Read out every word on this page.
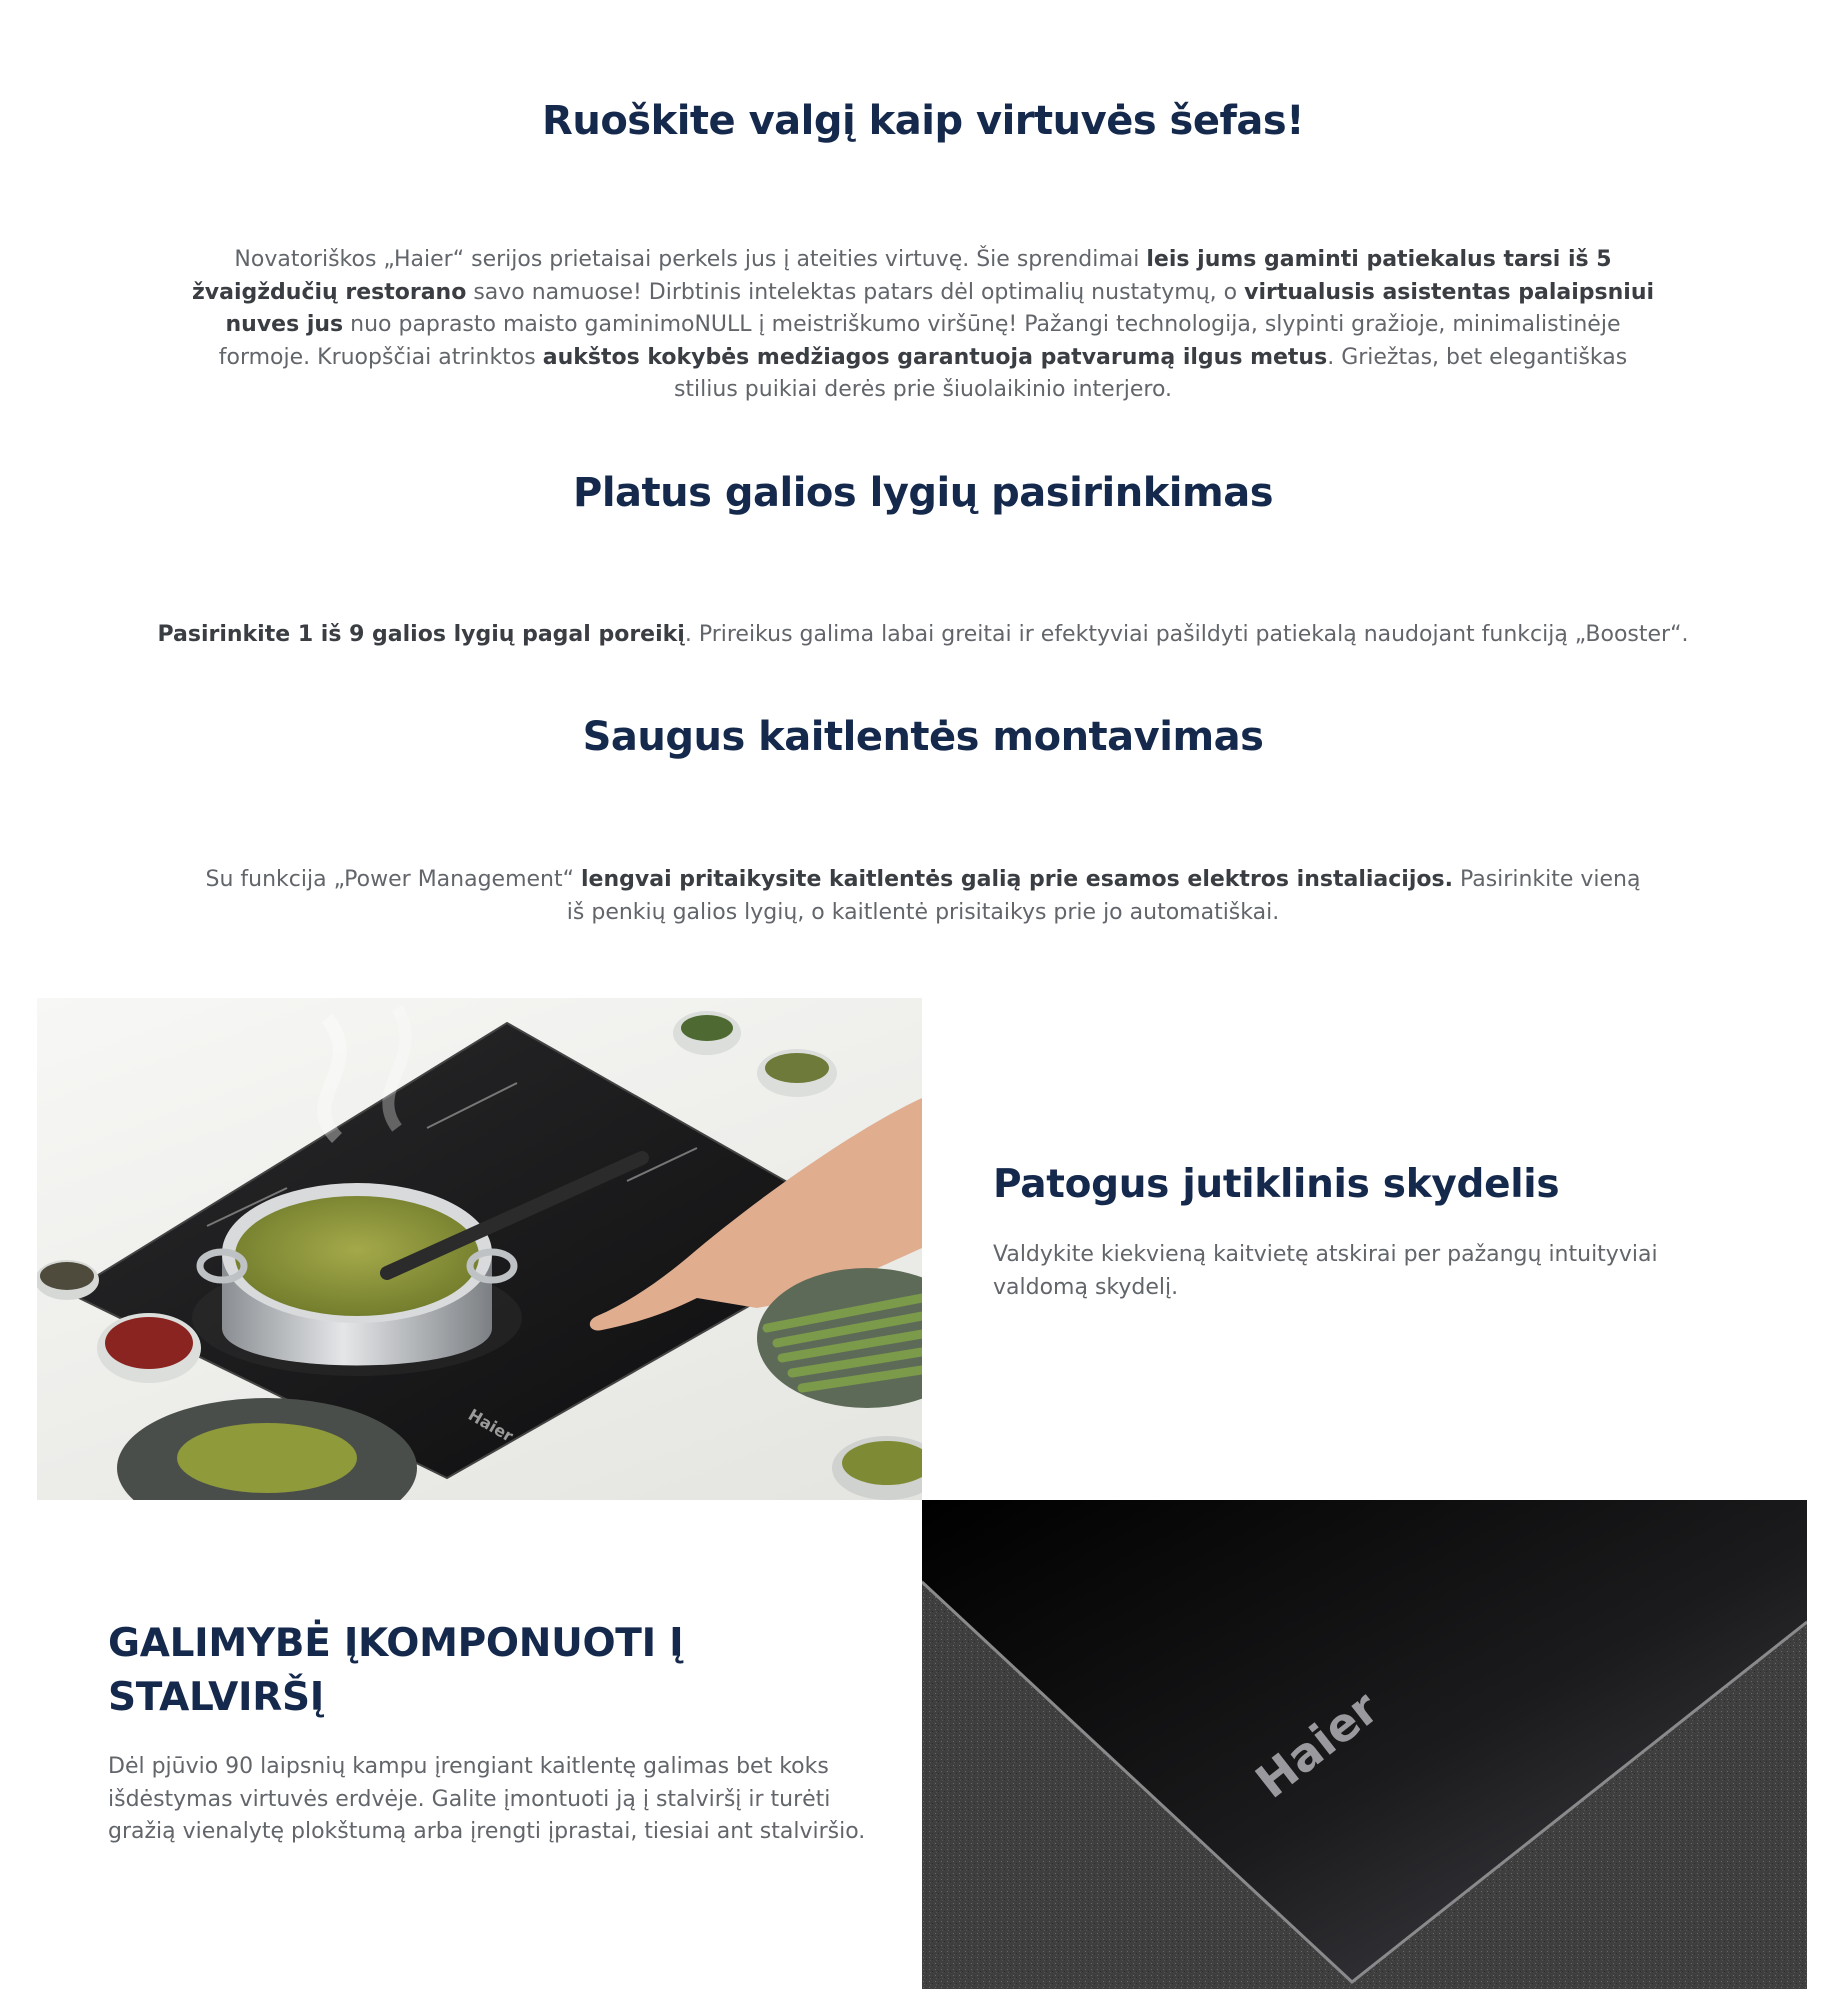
Ruoškite valgį kaip virtuvės šefas!

Novatoriškos „Haier“ serijos prietaisai perkels jus į ateities virtuvę. Šie sprendimai leis jums gaminti patiekalus tarsi iš 5 žvaigždučių restorano savo namuose! Dirbtinis intelektas patars dėl optimalių nustatymų, o virtualusis asistentas palaipsniui nuves jus nuo paprasto maisto gaminimoNULL į meistriškumo viršūnę! Pažangi technologija, slypinti gražioje, minimalistinėje formoje. Kruopščiai atrinktos aukštos kokybės medžiagos garantuoja patvarumą ilgus metus. Griežtas, bet elegantiškas stilius puikiai derės prie šiuolaikinio interjero.

Platus galios lygių pasirinkimas

Pasirinkite 1 iš 9 galios lygių pagal poreikį. Prireikus galima labai greitai ir efektyviai pašildyti patiekalą naudojant funkciją „Booster“.

Saugus kaitlentės montavimas

Su funkcija „Power Management“ lengvai pritaikysite kaitlentės galią prie esamos elektros instaliacijos. Pasirinkite vieną iš penkių galios lygių, o kaitlentė prisitaikys prie jo automatiškai.

Haier
Patogus jutiklinis skydelis

Valdykite kiekvieną kaitvietę atskirai per pažangų intuityviai valdomą skydelį.

GALIMYBĖ ĮKOMPONUOTI Į
STALVIRŠĮ

Dėl pjūvio 90 laipsnių kampu įrengiant kaitlentę galimas bet koks išdėstymas virtuvės erdvėje. Galite įmontuoti ją į stalviršį ir turėti gražią vienalytę plokštumą arba įrengti įprastai, tiesiai ant stalviršio.

Haier
